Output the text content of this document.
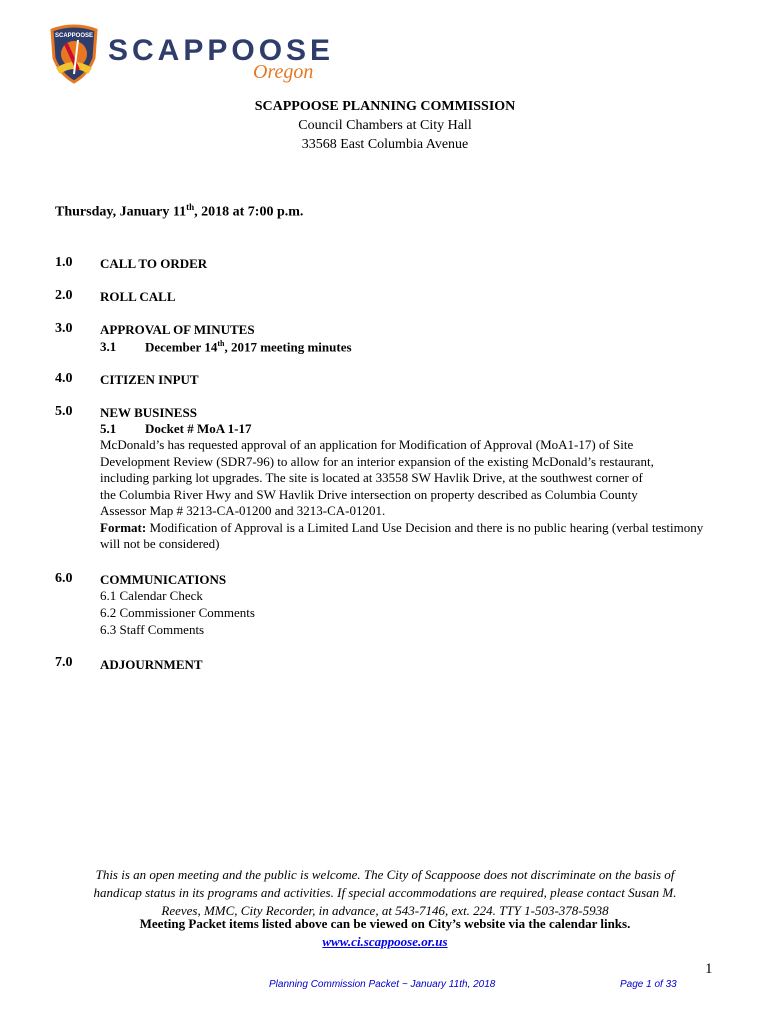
SCAPPOOSE SCAPPOOSE
Oregon
SCAPPOOSE PLANNING COMMISSION
Council Chambers at City Hall
33568 East Columbia Avenue
Thursday, January 11th, 2018 at 7:00 p.m.
1.0 CALL TO ORDER
2.0 ROLL CALL
3.0 APPROVAL OF MINUTES
3.1 December 14th, 2017 meeting minutes
4.0 CITIZEN INPUT
5.0 NEW BUSINESS
5.1 Docket # MoA 1-17
McDonald’s has requested approval of an application for Modification of Approval (MoA1-17) of Site
Development Review (SDR7-96) to allow for an interior expansion of the existing McDonald’s restaurant,
including parking lot upgrades. The site is located at 33558 SW Havlik Drive, at the southwest corner of
the Columbia River Hwy and SW Havlik Drive intersection on property described as Columbia County
Assessor Map # 3213-CA-01200 and 3213-CA-01201.
Format: Modification of Approval is a Limited Land Use Decision and there is no public hearing (verbal testimony
will not be considered)
6.0 COMMUNICATIONS
6.1 Calendar Check
6.2 Commissioner Comments
6.3 Staff Comments
7.0 ADJOURNMENT
This is an open meeting and the public is welcome. The City of Scappoose does not discriminate on the basis of
handicap status in its programs and activities. If special accommodations are required, please contact Susan M.
Reeves, MMC, City Recorder, in advance, at 543-7146, ext. 224. TTY 1-503-378-5938
Meeting Packet items listed above can be viewed on City’s website via the calendar links.
www.ci.scappoose.or.us
1
Planning Commission Packet ~ January 11th, 2018	Page 1 of 33
